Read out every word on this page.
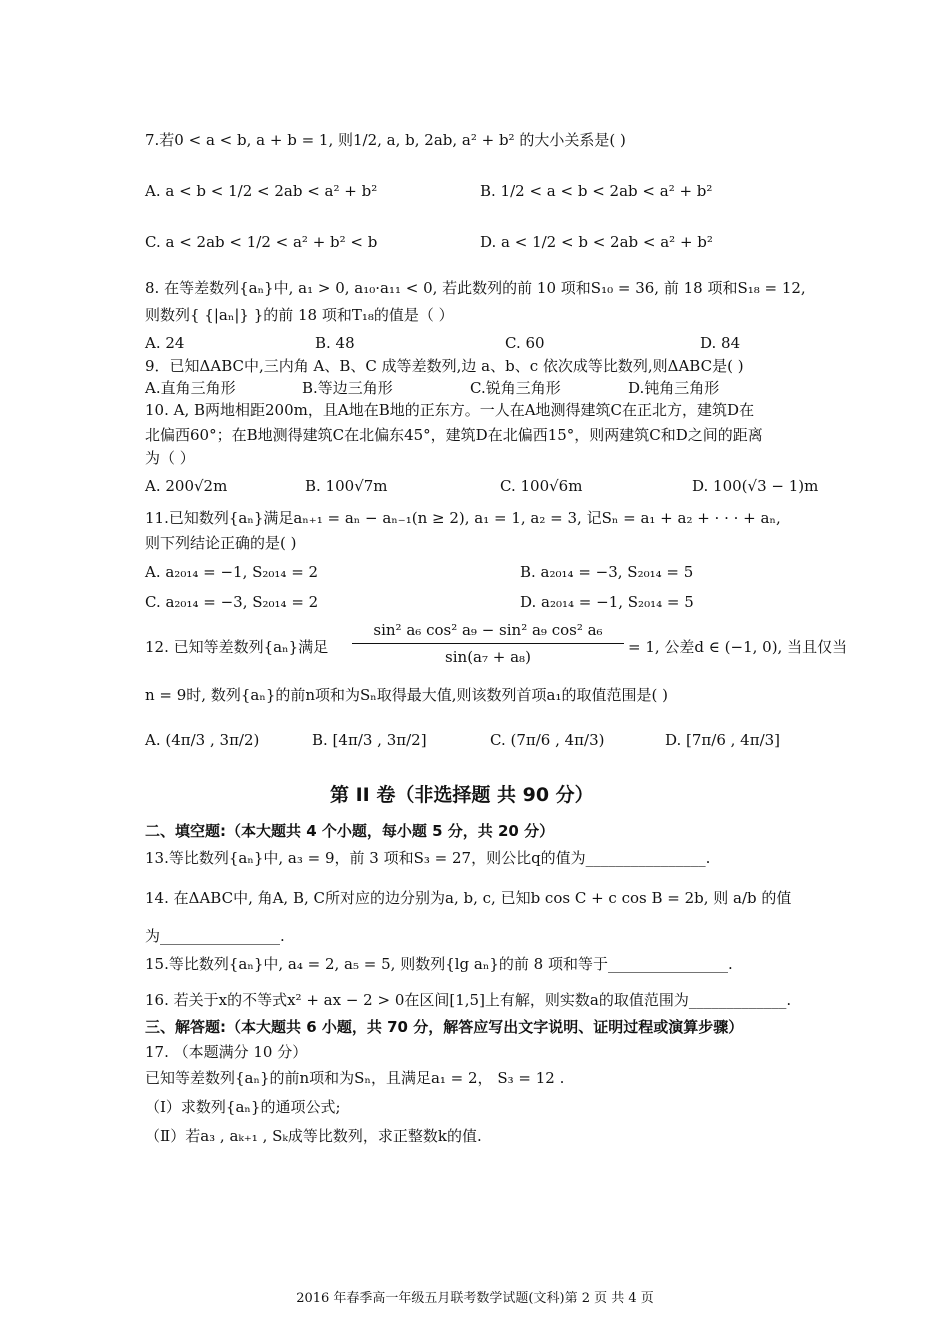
7.若0 < a < b, a + b = 1, 则1/2, a, b, 2ab, a² + b² 的大小关系是( )
A. a < b < 1/2 < 2ab < a² + b²	B. 1/2 < a < b < 2ab < a² + b²
C. a < 2ab < 1/2 < a² + b² < b	D. a < 1/2 < b < 2ab < a² + b²
8. 在等差数列{aₙ}中, a₁ > 0, a₁₀·a₁₁ < 0, 若此数列的前 10 项和S₁₀ = 36, 前 18 项和S₁₈ = 12,
则数列{ {|aₙ|} }的前 18 项和T₁₈的值是（ ）
A. 24	B. 48	C. 60	D. 84
9．已知ΔABC中,三内角 A、B、C 成等差数列,边 a、b、c 依次成等比数列,则ΔABC是( )
A.直角三角形	B.等边三角形	C.锐角三角形	D.钝角三角形
10. A, B两地相距200m，且A地在B地的正东方。一人在A地测得建筑C在正北方，建筑D在
北偏西60°；在B地测得建筑C在北偏东45°，建筑D在北偏西15°，则两建筑C和D之间的距离
为（ ）
A. 200√2m	B. 100√7m	C. 100√6m	D. 100(√3 − 1)m
11.已知数列{aₙ}满足aₙ₊₁ = aₙ − aₙ₋₁(n ≥ 2), a₁ = 1, a₂ = 3, 记Sₙ = a₁ + a₂ + · · · + aₙ,
则下列结论正确的是( )
A. a₂₀₁₄ = −1, S₂₀₁₄ = 2	B. a₂₀₁₄ = −3, S₂₀₁₄ = 5
C. a₂₀₁₄ = −3, S₂₀₁₄ = 2	D. a₂₀₁₄ = −1, S₂₀₁₄ = 5
12. 已知等差数列{aₙ}满足
sin² a₆ cos² a₉ − sin² a₉ cos² a₆
sin(a₇ + a₈)
= 1, 公差d ∈ (−1, 0), 当且仅当
n = 9时, 数列{aₙ}的前n项和为Sₙ取得最大值,则该数列首项a₁的取值范围是( )
A. (4π/3 , 3π/2)	B. [4π/3 , 3π/2]	C. (7π/6 , 4π/3)	D. [7π/6 , 4π/3]
第 II 卷（非选择题 共 90 分）
二、填空题:（本大题共 4 个小题，每小题 5 分，共 20 分）
13.等比数列{aₙ}中, a₃ = 9，前 3 项和S₃ = 27，则公比q的值为________________.
14. 在ΔABC中, 角A, B, C所对应的边分别为a, b, c, 已知b cos C + c cos B = 2b, 则 a/b 的值
为________________.
15.等比数列{aₙ}中, a₄ = 2, a₅ = 5, 则数列{lg aₙ}的前 8 项和等于________________.
16. 若关于x的不等式x² + ax − 2 > 0在区间[1,5]上有解，则实数a的取值范围为_____________.
三、解答题:（本大题共 6 小题，共 70 分，解答应写出文字说明、证明过程或演算步骤）
17. （本题满分 10 分）
已知等差数列{aₙ}的前n项和为Sₙ，且满足a₁ = 2， S₃ = 12 .
（Ⅰ）求数列{aₙ}的通项公式;
（Ⅱ）若a₃ , aₖ₊₁ , Sₖ成等比数列，求正整数k的值.
2016 年春季高一年级五月联考数学试题(文科)第 2 页 共 4 页
